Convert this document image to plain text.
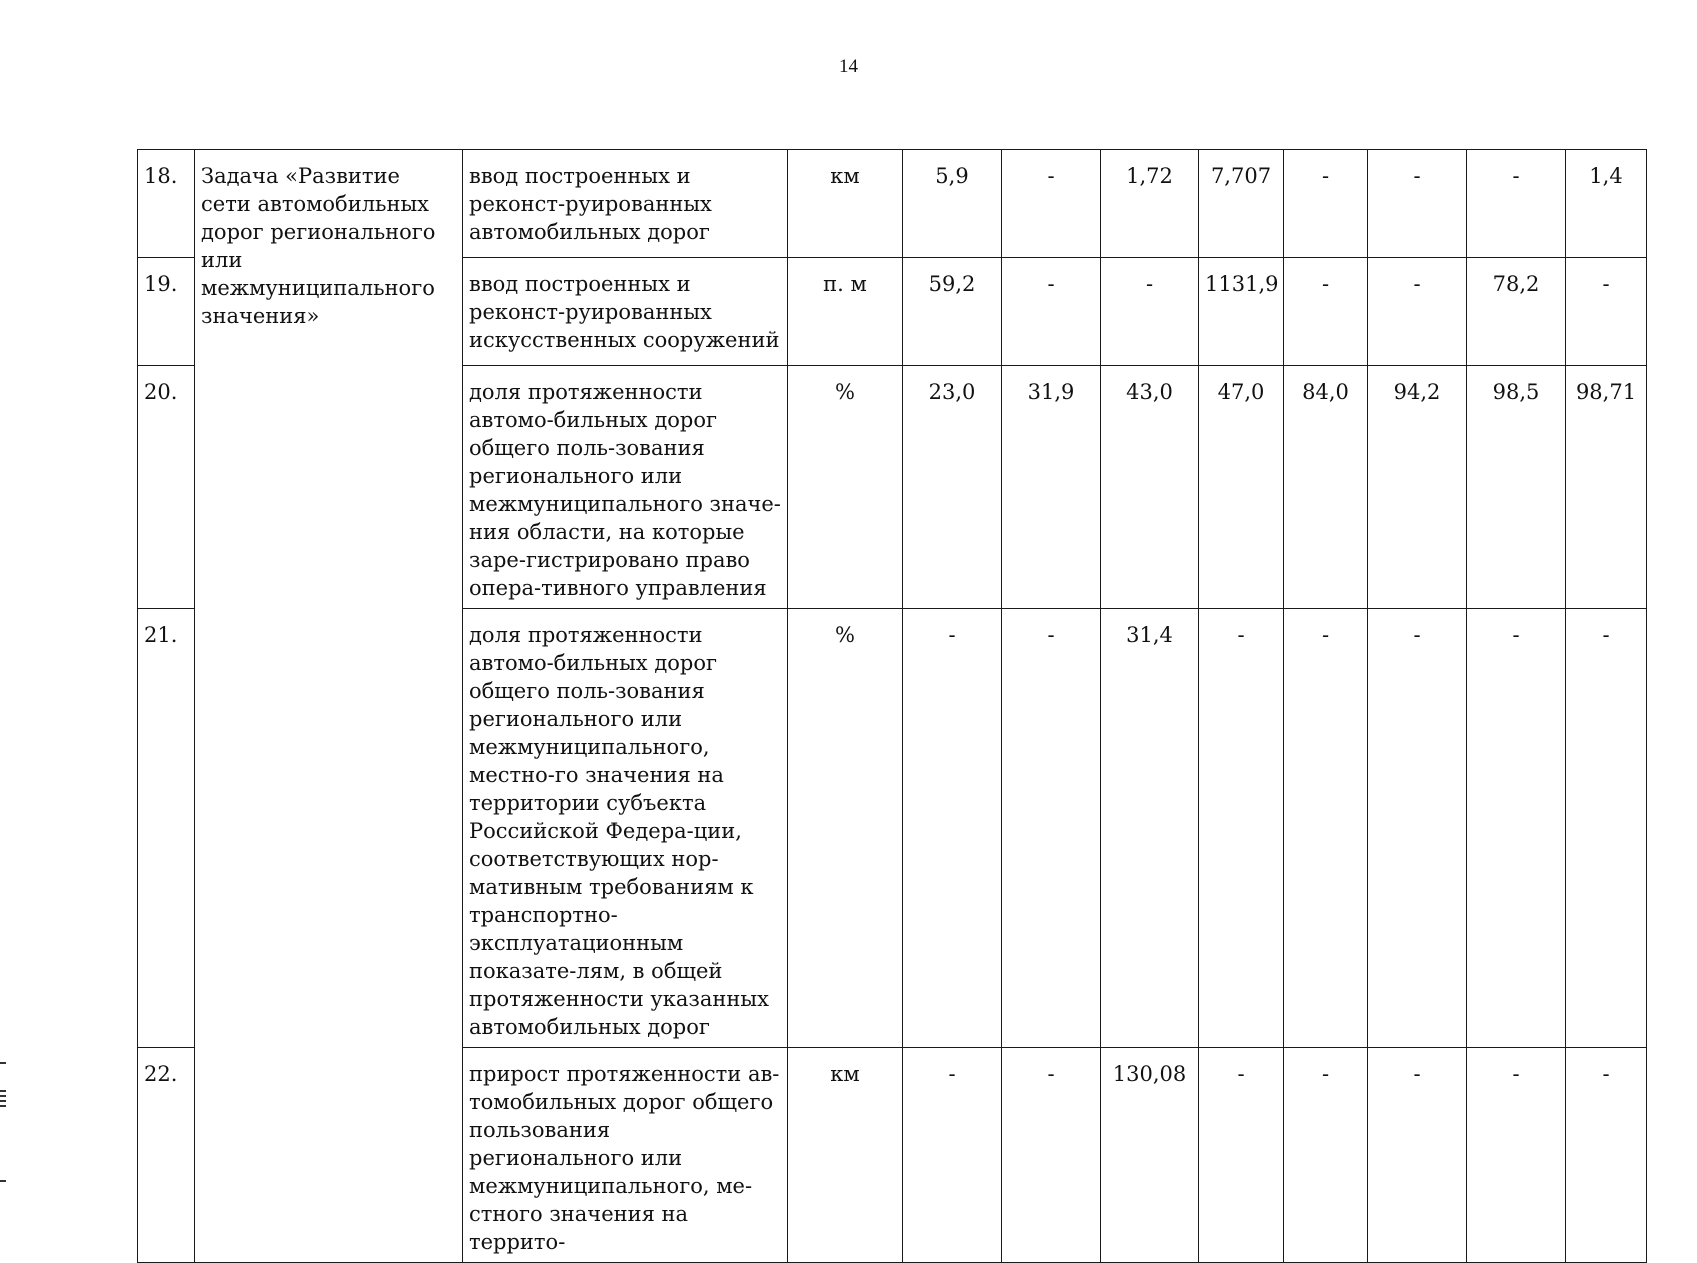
14
18.	Задача «Развитие сети автомобильных дорог регионального или межмуниципального значения»	ввод построенных и реконст-руированных автомобильных дорог	км	5,9	-	1,72	7,707	-	-	-	1,4
19.		ввод построенных и реконст-руированных искусственных сооружений	п. м	59,2	-	-	1131,9	-	-	78,2	-
20.		доля протяженности автомо-бильных дорог общего поль-зования регионального или межмуниципального значе-ния области, на которые заре-гистрировано право опера-тивного управления	%	23,0	31,9	43,0	47,0	84,0	94,2	98,5	98,71
21.		доля протяженности автомо-бильных дорог общего поль-зования регионального или межмуниципального, местно-го значения на территории субъекта Российской Федера-ции, соответствующих нор-мативным требованиям к транспортно-эксплуатационным показате-лям, в общей протяженности указанных автомобильных дорог	%	-	-	31,4	-	-	-	-	-
22.		прирост протяженности ав-томобильных дорог общего пользования регионального или межмуниципального, ме-стного значения на террито-	км	-	-	130,08	-	-	-	-	-
